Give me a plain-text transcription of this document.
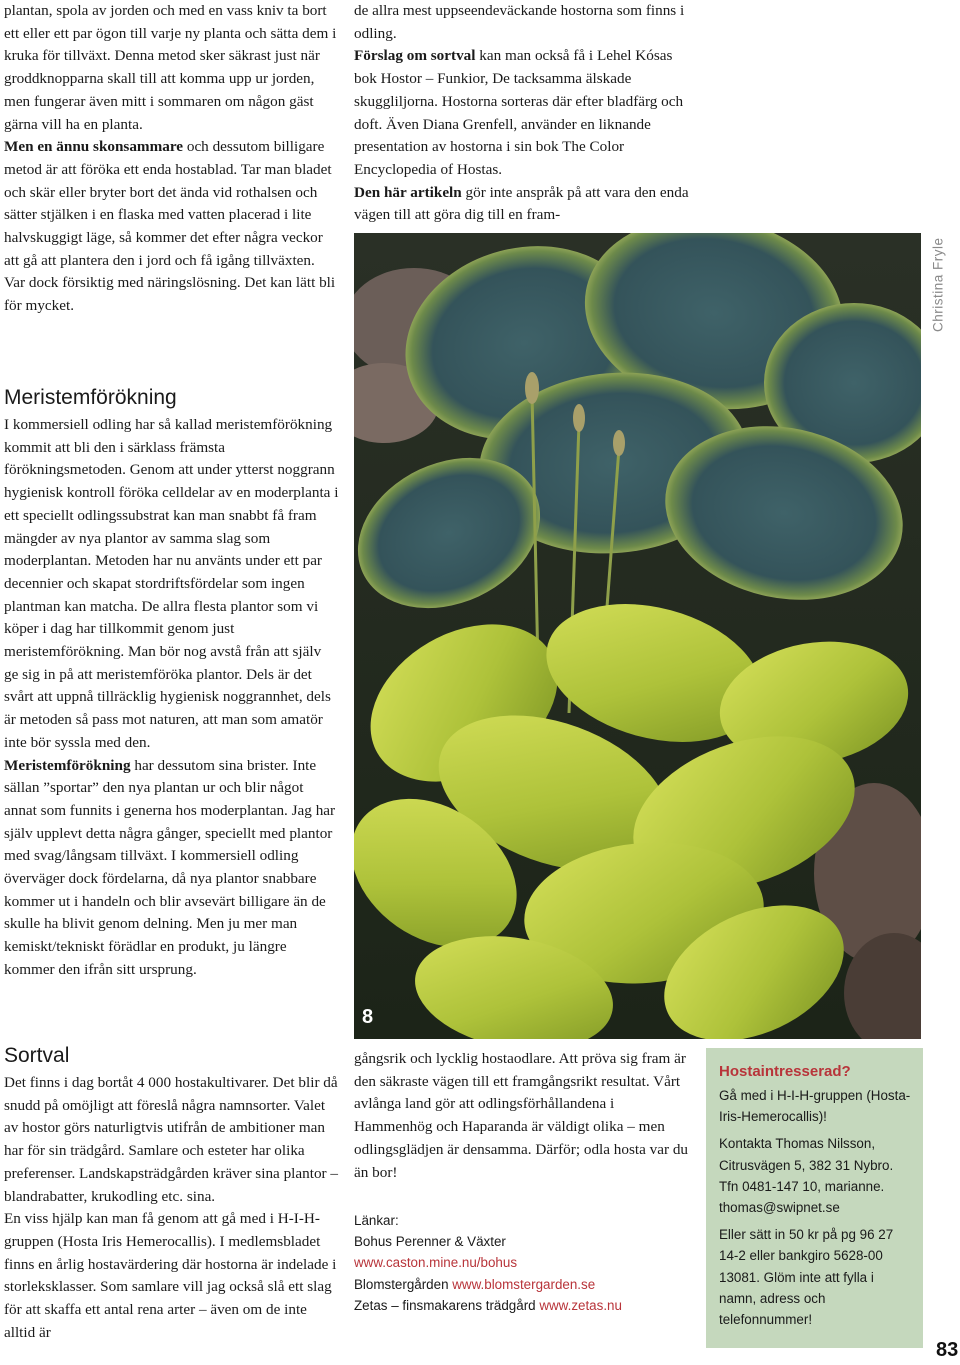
plantan, spola av jorden och med en vass kniv ta bort ett eller ett par ögon till varje ny planta och sätta dem i kruka för tillväxt. Denna metod sker säkrast just när groddknopparna skall till att komma upp ur jorden, men fungerar även mitt i sommaren om någon gäst gärna vill ha en planta.

Men en ännu skonsammare och dessutom billigare metod är att föröka ett enda hostablad. Tar man bladet och skär eller bryter bort det ända vid rothalsen och sätter stjälken i en flaska med vatten placerad i lite halvskuggigt läge, så kommer det efter några veckor att gå att plantera den i jord och få igång tillväxten. Var dock försiktig med näringslösning. Det kan lätt bli för mycket.

Meristemförökning

I kommersiell odling har så kallad meristemförökning kommit att bli den i särklass främsta förökningsmetoden. Genom att under ytterst noggrann hygienisk kontroll föröka celldelar av en moderplanta i ett speciellt odlingssubstrat kan man snabbt få fram mängder av nya plantor av samma slag som moderplantan. Metoden har nu använts under ett par decennier och skapat stordriftsfördelar som ingen plantman kan matcha. De allra flesta plantor som vi köper i dag har tillkommit genom just meristemförökning. Man bör nog avstå från att själv ge sig in på att meristemföröka plantor. Dels är det svårt att uppnå tillräcklig hygienisk noggrannhet, dels är metoden så pass mot naturen, att man som amatör inte bör syssla med den.

Meristemförökning har dessutom sina brister. Inte sällan ”sportar” den nya plantan ur och blir något annat som funnits i generna hos moderplantan. Jag har själv upplevt detta några gånger, speciellt med plantor med svag/långsam tillväxt. I kommersiell odling överväger dock fördelarna, då nya plantor snabbare kommer ut i handeln och blir avsevärt billigare än de skulle ha blivit genom delning. Men ju mer man kemiskt/tekniskt förädlar en produkt, ju längre kommer den ifrån sitt ursprung.

Sortval

Det finns i dag bortåt 4 000 hostakultivarer. Det blir då snudd på omöjligt att föreslå några namnsorter. Valet av hostor görs naturligtvis utifrån de ambitioner man har för sin trädgård. Samlare och esteter har olika preferenser. Landskapsträdgården kräver sina plantor – blandrabatter, krukodling etc. sina.

En viss hjälp kan man få genom att gå med i H-I-H-gruppen (Hosta Iris Hemerocallis). I medlemsbladet finns en årlig hostavärdering där hostorna är indelade i storleksklasser. Som samlare vill jag också slå ett slag för att skaffa ett antal rena arter – även om de inte alltid är

de allra mest uppseendeväckande hostorna som finns i odling.

Förslag om sortval kan man också få i Lehel Kósas bok Hostor – Funkior, De tacksamma älskade skuggliljorna. Hostorna sorteras där efter bladfärg och doft. Även Diana Grenfell, använder en liknande presentation av hostorna i sin bok The Color Encyclopedia of Hostas.

Den här artikeln gör inte anspråk på att vara den enda vägen till att göra dig till en fram-

8
Christina Fryle

gångsrik och lycklig hostaodlare. Att pröva sig fram är den säkraste vägen till ett framgångsrikt resultat. Vårt avlånga land gör att odlingsförhållandena i Hammenhög och Haparanda är väldigt olika – men odlingsglädjen är densamma. Därför; odla hosta var du än bor!

Länkar:
Bohus Perenner & Växter
www.caston.mine.nu/bohus
Blomstergården www.blomstergarden.se
Zetas – finsmakarens trädgård www.zetas.nu
Hostaintresserad?

Gå med i H-I-H-gruppen (Hosta-Iris-Hemerocallis)!

Kontakta Thomas Nilsson, Citrusvägen 5, 382 31 Nybro. Tfn 0481-147 10, marianne. thomas@swipnet.se

Eller sätt in 50 kr på pg 96 27 14-2 eller bankgiro 5628-00 13081. Glöm inte att fylla i namn, adress och telefonnummer!

83
